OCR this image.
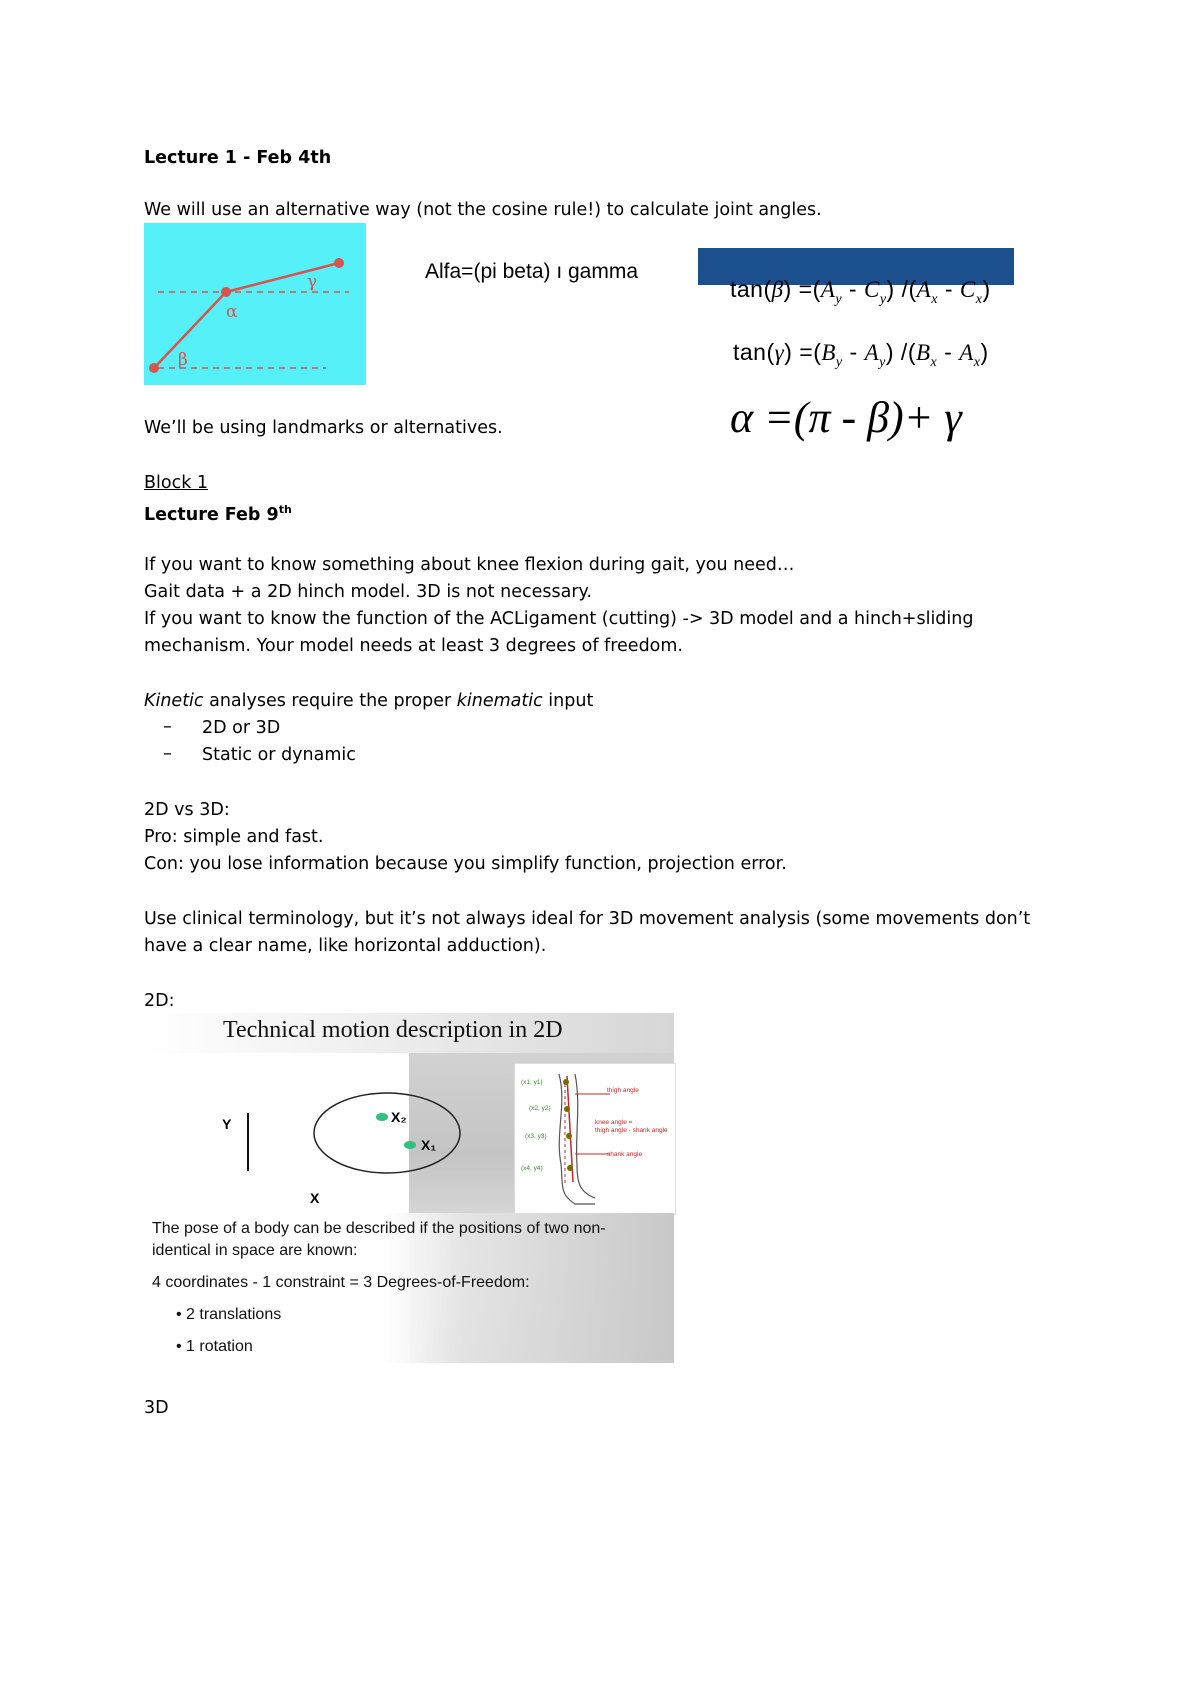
Lecture 1 - Feb 4th
We will use an alternative way (not the cosine rule!) to calculate joint angles.
γ
α
β
Alfa=(pi beta) ı gamma
$\tan(\beta) =(A_y - C_y)$ $/(A_x - C_x)$
$\tan(\gamma) =(B_y - A_y)$ $/(B_x - A_x)$
α =(π - β)+ γ
We’ll be using landmarks or alternatives.
Block 1
Lecture Feb 9th
If you want to know something about knee flexion during gait, you need…
Gait data + a 2D hinch model. 3D is not necessary.
If you want to know the function of the ACLigament (cutting) -> 3D model and a hinch+sliding
mechanism. Your model needs at least 3 degrees of freedom.
Kinetic analyses require the proper kinematic input
– 2D or 3D
– Static or dynamic
2D vs 3D:
Pro: simple and fast.
Con: you lose information because you simplify function, projection error.
Use clinical terminology, but it’s not always ideal for 3D movement analysis (some movements don’t
have a clear name, like horizontal adduction).
2D:
Technical motion description in 2D
Y
X
X₂
X₁
(x1, y1)
(x2, y2)
(x3, y3)
(x4, y4)
thigh angle
knee angle =
thigh angle - shank angle
shank angle
The pose of a body can be described if the positions of two non-
identical in space are known:
4 coordinates - 1 constraint = 3 Degrees-of-Freedom:
• 2 translations
• 1 rotation
3D
